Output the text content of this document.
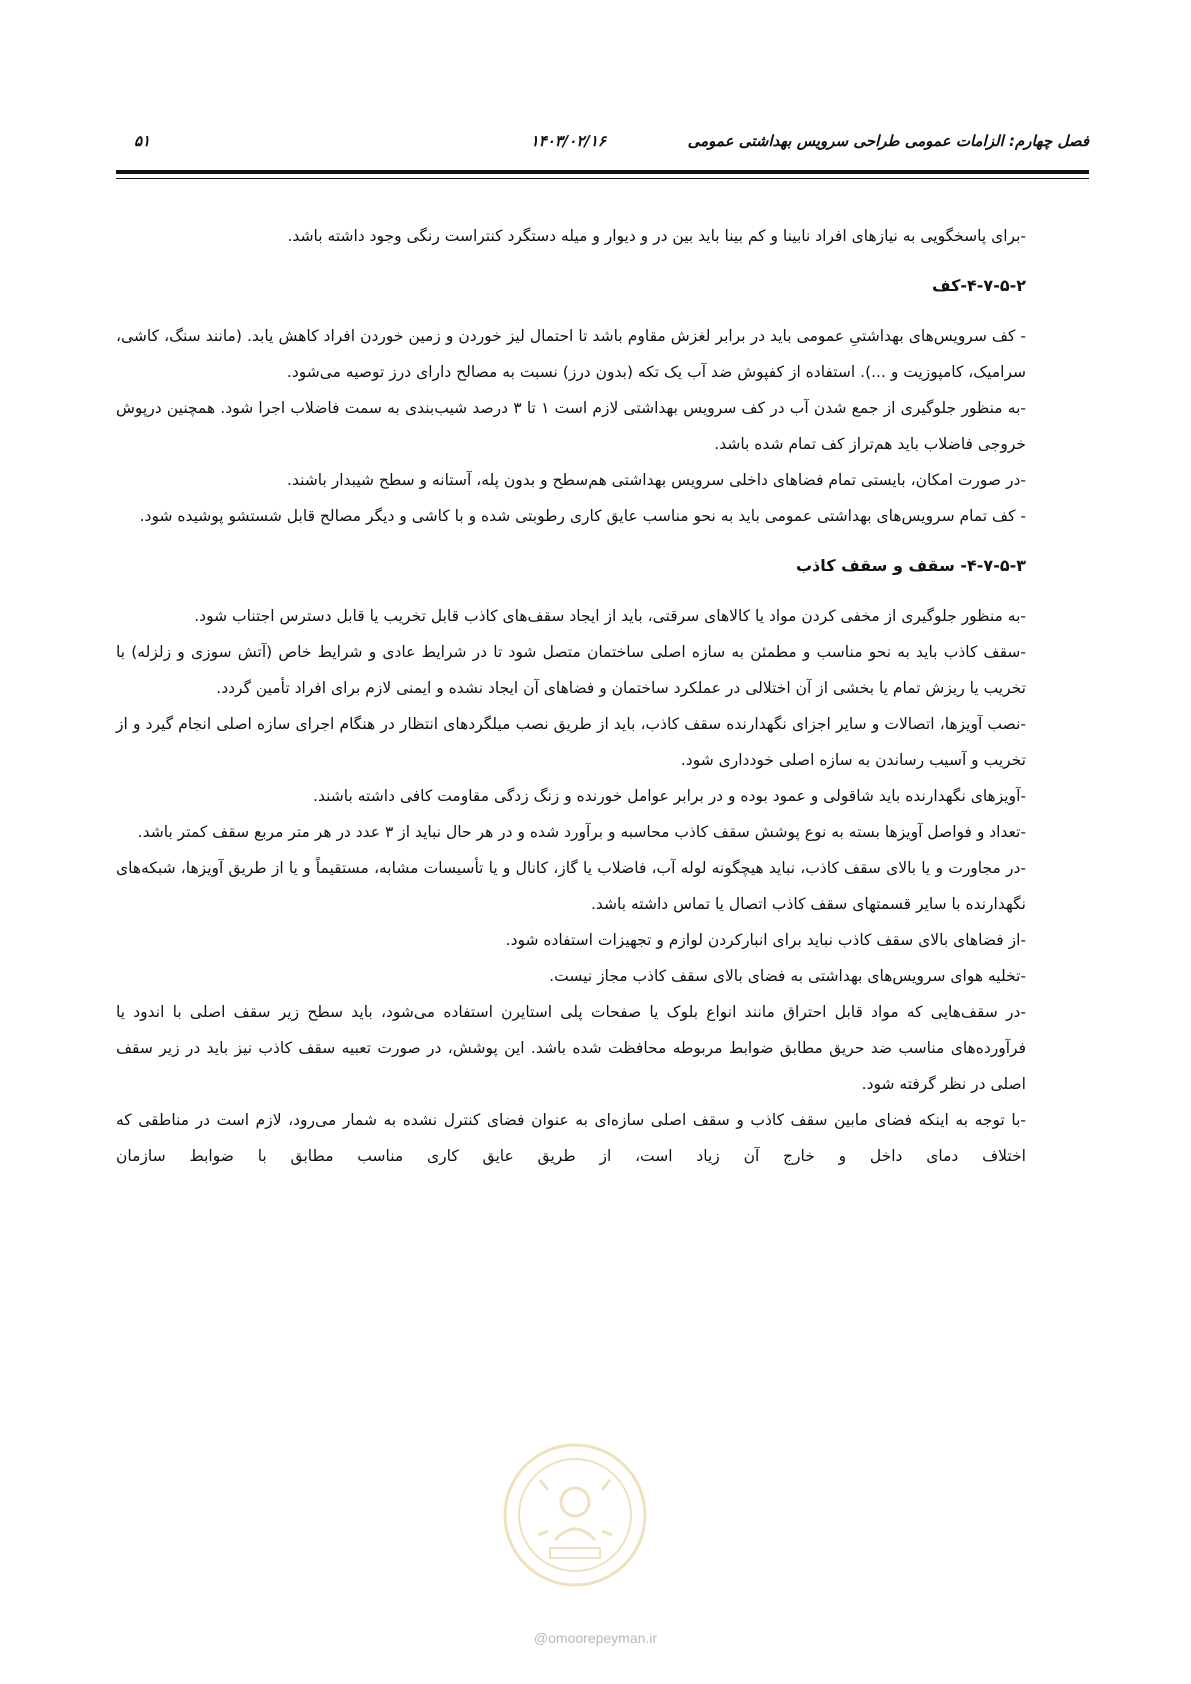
فصل چهارم: الزامات عمومی طراحی سرویس بهداشتی عمومی
۱۴۰۳/۰۲/۱۶
۵۱

-برای پاسخگویی به نیازهای افراد نابینا و کم بینا باید بین در و دیوار و میله دستگرد کنتراست رنگی وجود داشته باشد.

۴-۷-۵-۲-کف

- کف سرویس‌های بهداشتیِ عمومی باید در برابر لغزش مقاوم باشد تا احتمال لیز خوردن و زمین خوردن افراد کاهش یابد. (مانند سنگ، کاشی، سرامیک، کامپوزیت و ...). استفاده از کفپوش ضد آب یک تکه (بدون درز) نسبت به مصالح دارای درز توصیه می‌شود.

-به منظور جلوگیری از جمع شدن آب در کف سرویس بهداشتی لازم است ۱ تا ۳ درصد شیب‌بندی به سمت فاضلاب اجرا شود. همچنین درپوش خروجی فاضلاب باید هم‌تراز کف تمام شده باشد.

-در صورت امکان، بایستی تمام فضاهای داخلی سرویس بهداشتی هم‌سطح و بدون پله، آستانه و سطح شیبدار باشند.

- کف تمام سرویس‌های بهداشتی عمومی باید به نحو مناسب عایق کاری رطوبتی شده و با کاشی و دیگر مصالح قابل شستشو پوشیده شود.

۴-۷-۵-۳- سقف و سقف کاذب

-به منظور جلوگیری از مخفی کردن مواد یا کالاهای سرقتی، باید از ایجاد سقف‌های کاذب قابل تخریب یا قابل دسترس اجتناب شود.

-سقف کاذب باید به نحو مناسب و مطمئن به سازه اصلی ساختمان متصل شود تا در شرایط عادی و شرایط خاص (آتش سوزی و زلزله) با تخریب یا ریزش تمام یا بخشی از آن اختلالی در عملکرد ساختمان و فضاهای آن ایجاد نشده و ایمنی لازم برای افراد تأمین گردد.

-نصب آویزها، اتصالات و سایر اجزای نگهدارنده سقف کاذب، باید از طریق نصب میلگردهای انتظار در هنگام اجرای سازه اصلی انجام گیرد و از تخریب و آسیب رساندن به سازه اصلی خودداری شود.

-آویزهای نگهدارنده باید شاقولی و عمود بوده و در برابر عوامل خورنده و زنگ زدگی مقاومت کافی داشته باشند.

-تعداد و فواصل آویزها بسته به نوع پوشش سقف کاذب محاسبه و برآورد شده و در هر حال نباید از ۳ عدد در هر متر مربع سقف کمتر باشد.

-در مجاورت و یا بالای سقف کاذب، نباید هیچگونه لوله آب، فاضلاب یا گاز، کانال و یا تأسیسات مشابه، مستقیماً و یا از طریق آویزها، شبکه‌های نگهدارنده با سایر قسمتهای سقف کاذب اتصال یا تماس داشته باشد.

-از فضاهای بالای سقف کاذب نباید برای انبارکردن لوازم و تجهیزات استفاده شود.

-تخلیه هوای سرویس‌های بهداشتی به فضای بالای سقف کاذب مجاز نیست.

-در سقف‌هایی که مواد قابل احتراق مانند انواع بلوک یا صفحات پلی استایرن استفاده می‌شود، باید سطح زیر سقف اصلی با اندود یا فرآورده‌های مناسب ضد حریق مطابق ضوابط مربوطه محافظت شده باشد. این پوشش، در صورت تعبیه سقف کاذب نیز باید در زیر سقف اصلی در نظر گرفته شود.

-با توجه به اینکه فضای مابین سقف کاذب و سقف اصلی سازه‌ای به عنوان فضای کنترل نشده به شمار می‌رود، لازم است در مناطقی که اختلاف دمای داخل و خارج آن زیاد است، از طریق عایق کاری مناسب مطابق با ضوابط سازمان

@omoorepeyman.ir
